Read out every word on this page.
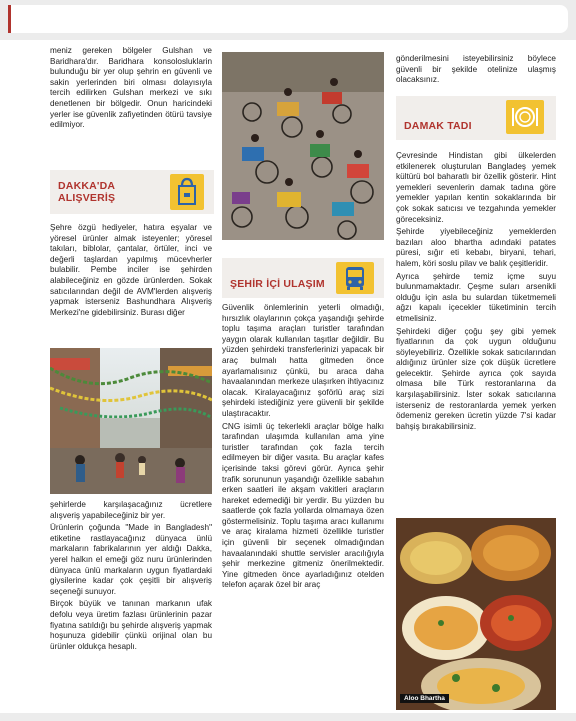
meniz gereken bölgeler Gulshan ve Baridhara'dır. Baridhara konsolosluklarin bulunduğu bir yer olup şehrin en güvenli ve sakin yerlerinden biri olması dolayısıyla tercih edilirken Gulshan merkezi ve sıkı denetlenen bir bölgedir. Onun haricindeki yerler ise güvenlik zafiyetinden ötürü tavsiye edilmiyor.

DAKKA'DA
ALIŞVERİŞ

Şehre özgü hediyeler, hatıra eşyalar ve yöresel ürünler almak isteyenler; yöresel takıları, biblolar, çantalar, örtüler, inci ve değerli taşlardan yapılmış mücevherler bulabilir. Pembe inciler ise şehirden alabileceğiniz en gözde ürünlerden. Sokak satıcılarından değil de AVM'lerden alışveriş yapmak isterseniz Bashundhara Alışveriş Merkezi'ne gidebilirsiniz. Burası diğer

şehirlerde karşılaşacağınız ücretlere alışveriş yapabileceğiniz bir yer.

Ürünlerin çoğunda "Made in Bangladesh" etiketine rastlayacağınız dünyaca ünlü markaların fabrikalarının yer aldığı Dakka, yerel halkın el emeği göz nuru ürünlerinden dünyaca ünlü markaların uygun fiyatlardaki giysilerine kadar çok çeşitli bir alışveriş seçeneği sunuyor.

Birçok büyük ve tanınan markanın ufak defolu veya üretim fazlası ürünlerinin pazar fiyatına satıldığı bu şehirde alışveriş yapmak hoşunuza gidebilir çünkü orijinal olan bu ürünler oldukça hesaplı.

ŞEHİR İÇİ ULAŞIM

Güvenlik önlemlerinin yeterli olmadığı, hırsızlık olaylarının çokça yaşandığı şehirde toplu taşıma araçları turistler tarafından yaygın olarak kullanılan taşıtlar değildir. Bu yüzden şehirdeki transferlerinizi yapacak bir araç bulmalı hatta gitmeden önce ayarlamalısınız çünkü, bu araca daha havaalanından merkeze ulaşırken ihtiyacınız olacak. Kiralayacağınız şoförlü araç sizi şehirdeki istediğiniz yere güvenli bir şekilde ulaştıracaktır.

CNG isimli üç tekerlekli araçlar bölge halkı tarafından ulaşımda kullanılan ama yine turistler tarafından çok fazla tercih edilmeyen bir diğer vasıta. Bu araçlar kafes içerisinde taksi görevi görür. Ayrıca şehir trafik sorununun yaşandığı özellikle sabahın erken saatleri ile akşam vakitleri araçların hareket edemediği bir yerdir. Bu yüzden bu saatlerde çok fazla yollarda olmamaya özen göstermelisiniz. Toplu taşıma aracı kullanımı ve araç kiralama hizmeti özellikle turistler için güvenli bir seçenek olmadığından havaalanındaki shuttle servisler aracılığıyla şehir merkezine gitmeniz önerilmektedir. Yine gitmeden önce ayarladığınız otelden telefon açarak özel bir araç

gönderilmesini isteyebilirsiniz böylece güvenli bir şekilde otelinize ulaşmış olacaksınız.

DAMAK TADI

Çevresinde Hindistan gibi ülkelerden etkilenerek oluşturulan Bangladeş yemek kültürü bol baharatlı bir özellik gösterir. Hint yemekleri sevenlerin damak tadına göre yemekler yapılan kentin sokaklarında bir çok sokak satıcısı ve tezgahında yemekler göreceksiniz.

Şehirde yiyebileceğiniz yemeklerden bazıları aloo bhartha adındaki patates püresi, sığır eti kebabı, biryani, tehari, halem, köri soslu pilav ve balık çeşitleridir.

Ayrıca şehirde temiz içme suyu bulunmamaktadır. Çeşme suları arsenikli olduğu için asla bu sulardan tüketmemeli ağzı kapalı içecekler tüketiminin tercih etmelisiniz.

Şehirdeki diğer çoğu şey gibi yemek fiyatlarının da çok uygun olduğunu söyleyebiliriz. Özellikle sokak satıcılarından aldığınız ürünler size çok düşük ücretlere gelecektir. Şehirde ayrıca çok sayıda olmasa bile Türk restoranlarına da karşılaşabilirsiniz. İster sokak satıcılarına isterseniz de restoranlarda yemek yerken ödemeniz gereken ücretin yüzde 7'si kadar bahşiş bırakabilirsiniz.

Aloo Bhartha
